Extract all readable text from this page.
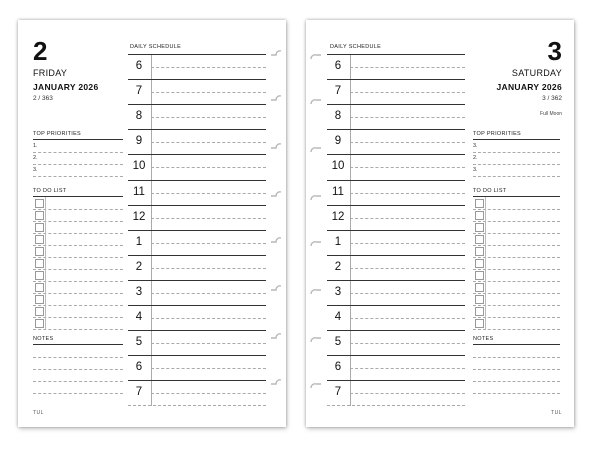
2
FRIDAY
JANUARY 2026
2 / 363
TOP PRIORITIES
1.
2.
3.
TO DO LIST
NOTES
DAILY SCHEDULE
6
7
8
9
10
11
12
1
2
3
4
5
6
7
TUL
3
SATURDAY
JANUARY 2026
3 / 362
Full Moon
TOP PRIORITIES
3.
2.
3.
TO DO LIST
NOTES
DAILY SCHEDULE
6
7
8
9
10
11
12
1
2
3
4
5
6
7
TUL
